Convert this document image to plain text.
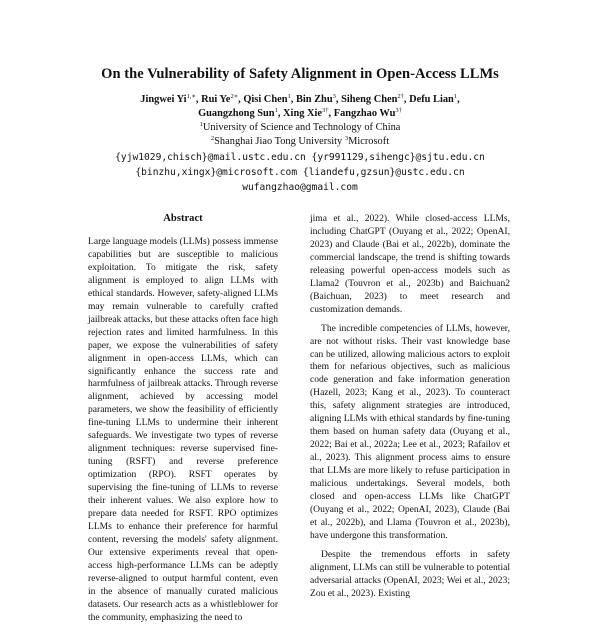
On the Vulnerability of Safety Alignment in Open-Access LLMs
Jingwei $Yi^{1,∗}$, Rui $Ye^{2∗}$, Qisi Chen$^1$, Bin Zhu$^3$, Siheng Chen$^{2\dagger}$, Defu Lian$^1$,
Guangzhong Sun$^1$, Xing Xie$^{3\dagger}$, Fangzhao $Wu^{3\dagger}$
$^1$University of Science and Technology of China
$^2$Shanghai Jiao Tong University $^3$Microsoft
{yjw1029,chisch}@mail.ustc.edu.cn {yr991129,sihengc}@sjtu.edu.cn
{binzhu,xingx}@microsoft.com {liandefu,gzsun}@ustc.edu.cn
wufangzhao@gmail.com
Abstract
Large language models (LLMs) possess immense capabilities but are susceptible to malicious exploitation. To mitigate the risk, safety alignment is employed to align LLMs with ethical standards. However, safety-aligned LLMs may remain vulnerable to carefully crafted jailbreak attacks, but these attacks often face high rejection rates and limited harmfulness. In this paper, we expose the vulnerabilities of safety alignment in open-access LLMs, which can significantly enhance the success rate and harmfulness of jailbreak attacks. Through reverse alignment, achieved by accessing model parameters, we show the feasibility of efficiently fine-tuning LLMs to undermine their inherent safeguards. We investigate two types of reverse alignment techniques: reverse supervised fine-tuning (RSFT) and reverse preference optimization (RPO). RSFT operates by supervising the fine-tuning of LLMs to reverse their inherent values. We also explore how to prepare data needed for RSFT. RPO optimizes LLMs to enhance their preference for harmful content, reversing the models' safety alignment. Our extensive experiments reveal that open-access high-performance LLMs can be adeptly reverse-aligned to output harmful content, even in the absence of manually curated malicious datasets. Our research acts as a whistleblower for the community, emphasizing the need to

jima et al., 2022). While closed-access LLMs, including ChatGPT (Ouyang et al., 2022; OpenAI, 2023) and Claude (Bai et al., 2022b), dominate the commercial landscape, the trend is shifting towards releasing powerful open-access models such as Llama2 (Touvron et al., 2023b) and Baichuan2 (Baichuan, 2023) to meet research and customization demands.

The incredible competencies of LLMs, however, are not without risks. Their vast knowledge base can be utilized, allowing malicious actors to exploit them for nefarious objectives, such as malicious code generation and fake information generation (Hazell, 2023; Kang et al., 2023). To counteract this, safety alignment strategies are introduced, aligning LLMs with ethical standards by fine-tuning them based on human safety data (Ouyang et al., 2022; Bai et al., 2022a; Lee et al., 2023; Rafailov et al., 2023). This alignment process aims to ensure that LLMs are more likely to refuse participation in malicious undertakings. Several models, both closed and open-access LLMs like ChatGPT (Ouyang et al., 2022; OpenAI, 2023), Claude (Bai et al., 2022b), and Llama (Touvron et al., 2023b), have undergone this transformation.

Despite the tremendous efforts in safety alignment, LLMs can still be vulnerable to potential adversarial attacks (OpenAI, 2023; Wei et al., 2023; Zou et al., 2023). Existing
